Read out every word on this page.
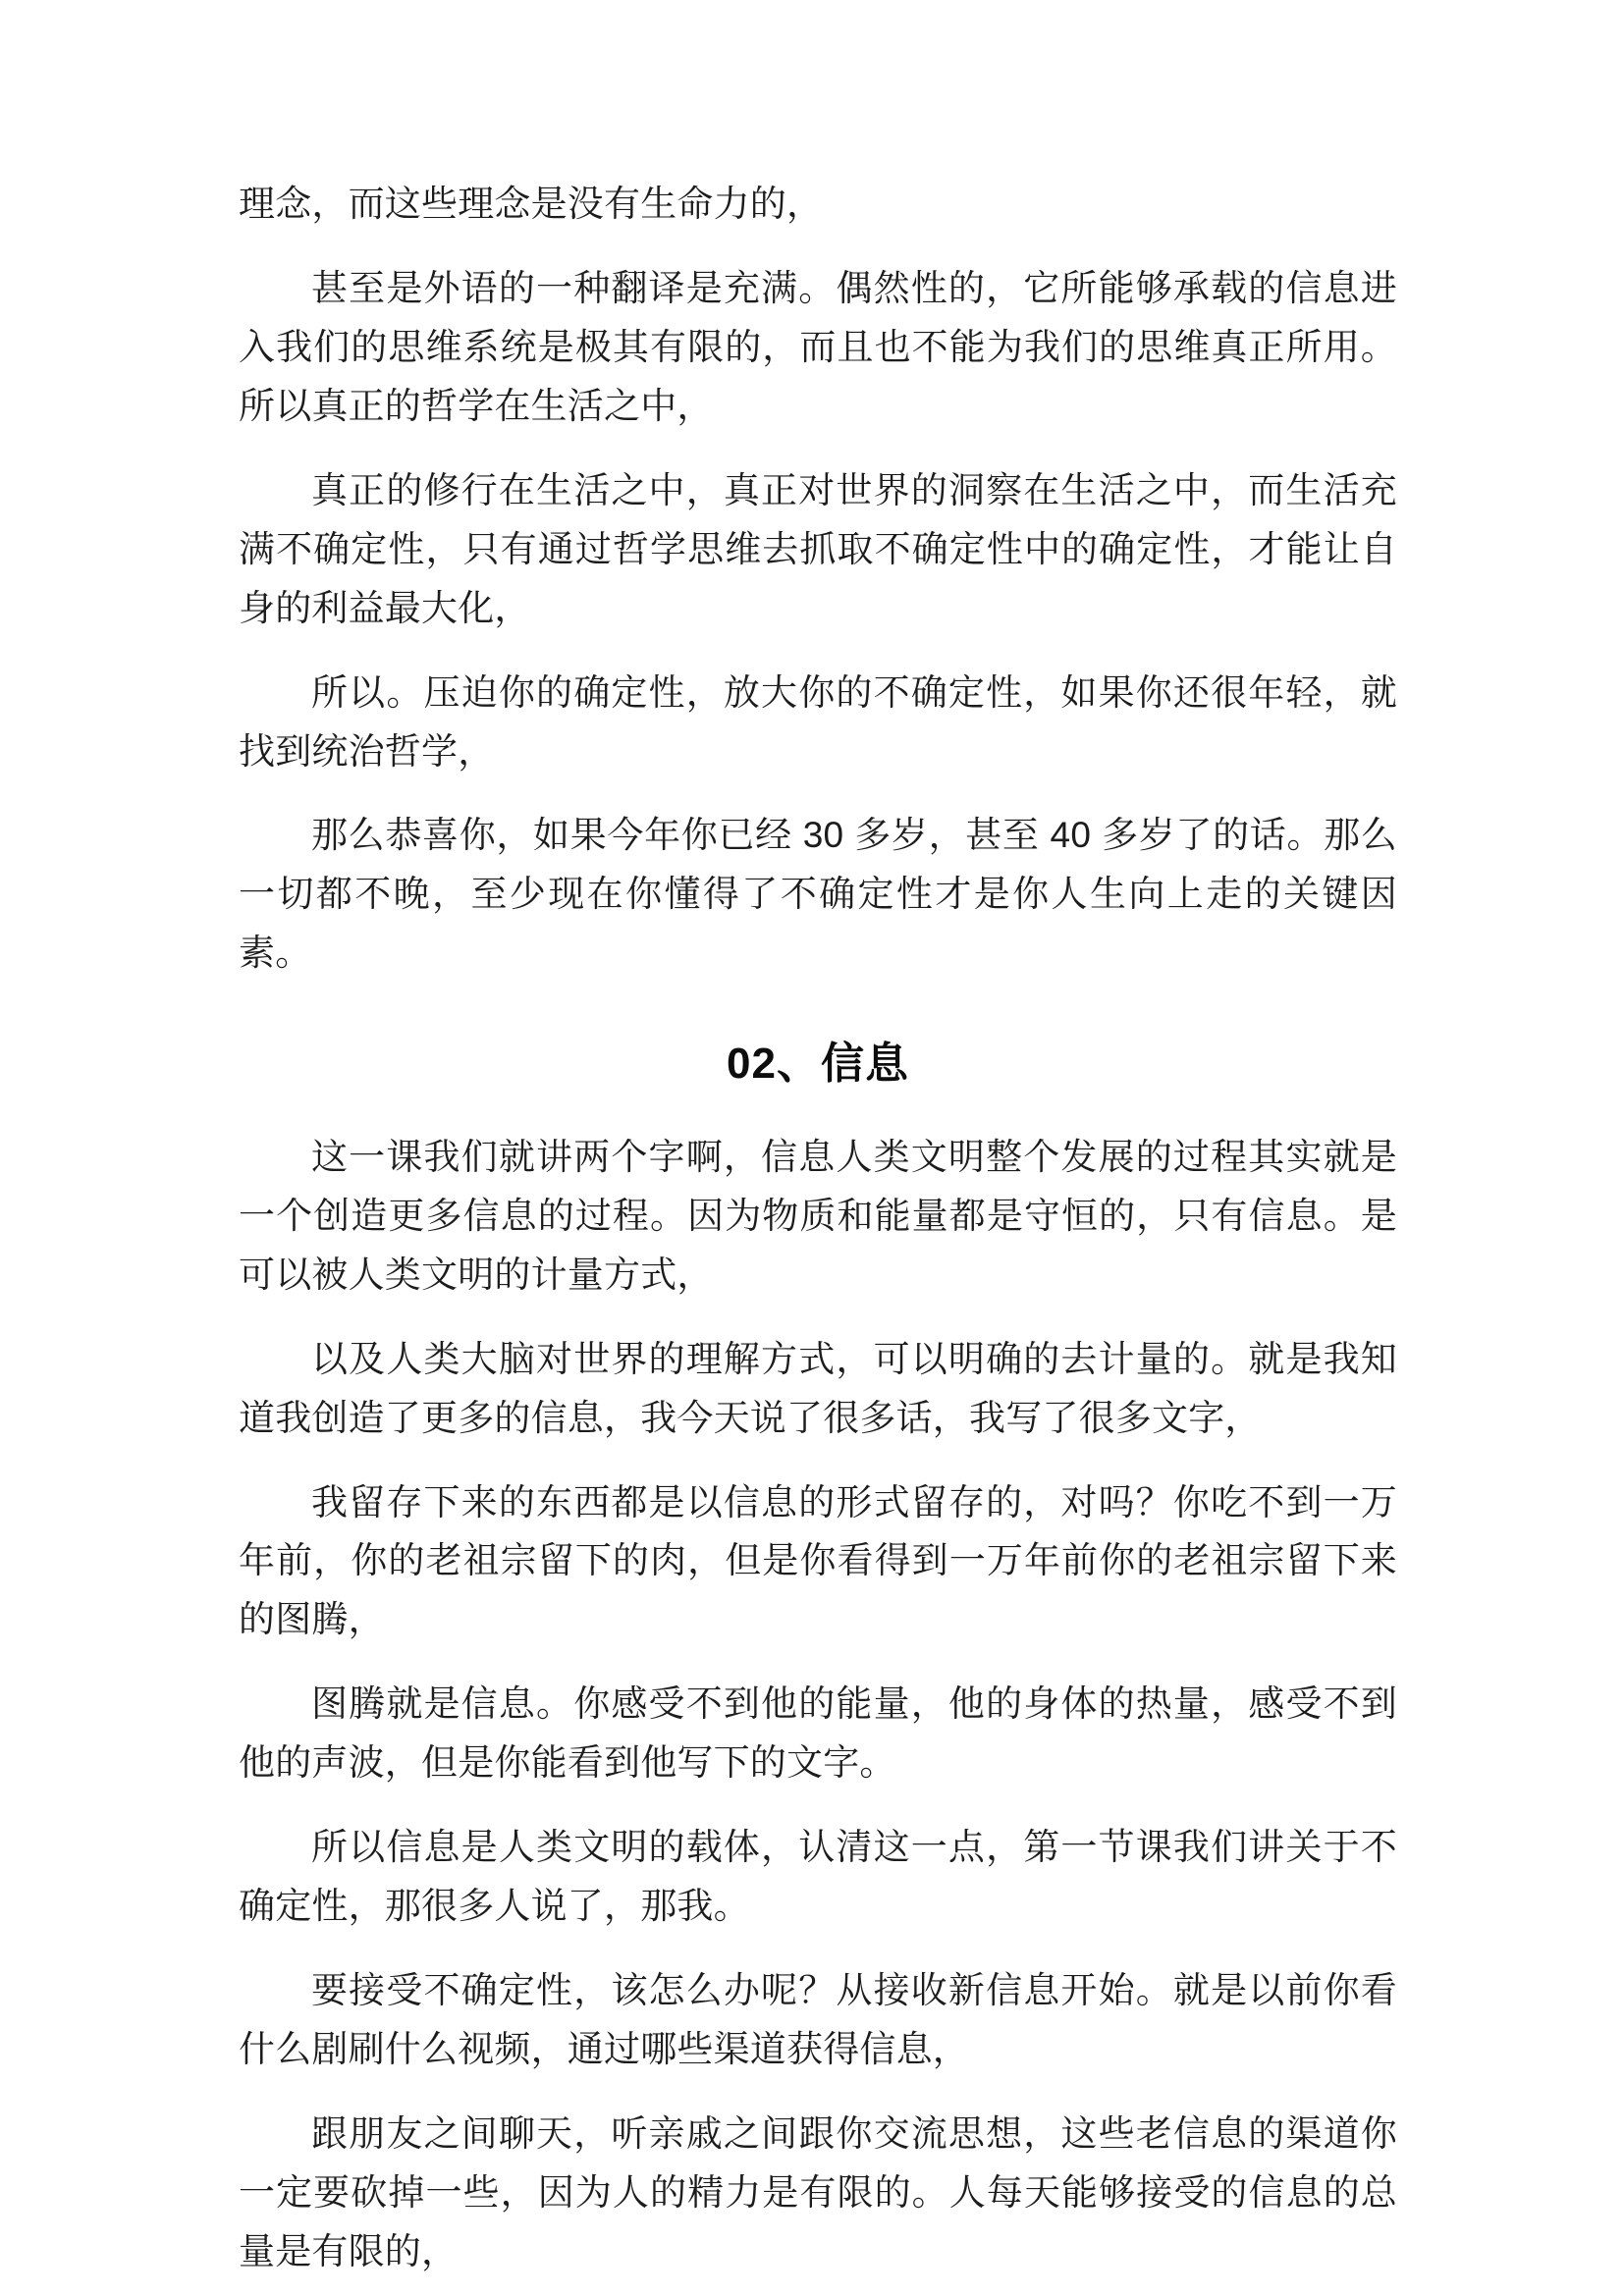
理念，而这些理念是没有生命力的，

甚至是外语的一种翻译是充满。偶然性的，它所能够承载的信息进入我们的思维系统是极其有限的，而且也不能为我们的思维真正所用。所以真正的哲学在生活之中，

真正的修行在生活之中，真正对世界的洞察在生活之中，而生活充满不确定性，只有通过哲学思维去抓取不确定性中的确定性，才能让自身的利益最大化，

所以。压迫你的确定性，放大你的不确定性，如果你还很年轻，就找到统治哲学，

那么恭喜你，如果今年你已经 30 多岁，甚至 40 多岁了的话。那么一切都不晚，至少现在你懂得了不确定性才是你人生向上走的关键因素。

02、信息

这一课我们就讲两个字啊，信息人类文明整个发展的过程其实就是一个创造更多信息的过程。因为物质和能量都是守恒的，只有信息。是可以被人类文明的计量方式，

以及人类大脑对世界的理解方式，可以明确的去计量的。就是我知道我创造了更多的信息，我今天说了很多话，我写了很多文字，

我留存下来的东西都是以信息的形式留存的，对吗？你吃不到一万年前，你的老祖宗留下的肉，但是你看得到一万年前你的老祖宗留下来的图腾，

图腾就是信息。你感受不到他的能量，他的身体的热量，感受不到他的声波，但是你能看到他写下的文字。

所以信息是人类文明的载体，认清这一点，第一节课我们讲关于不确定性，那很多人说了，那我。

要接受不确定性，该怎么办呢？从接收新信息开始。就是以前你看什么剧刷什么视频，通过哪些渠道获得信息，

跟朋友之间聊天，听亲戚之间跟你交流思想，这些老信息的渠道你一定要砍掉一些，因为人的精力是有限的。人每天能够接受的信息的总量是有限的，
